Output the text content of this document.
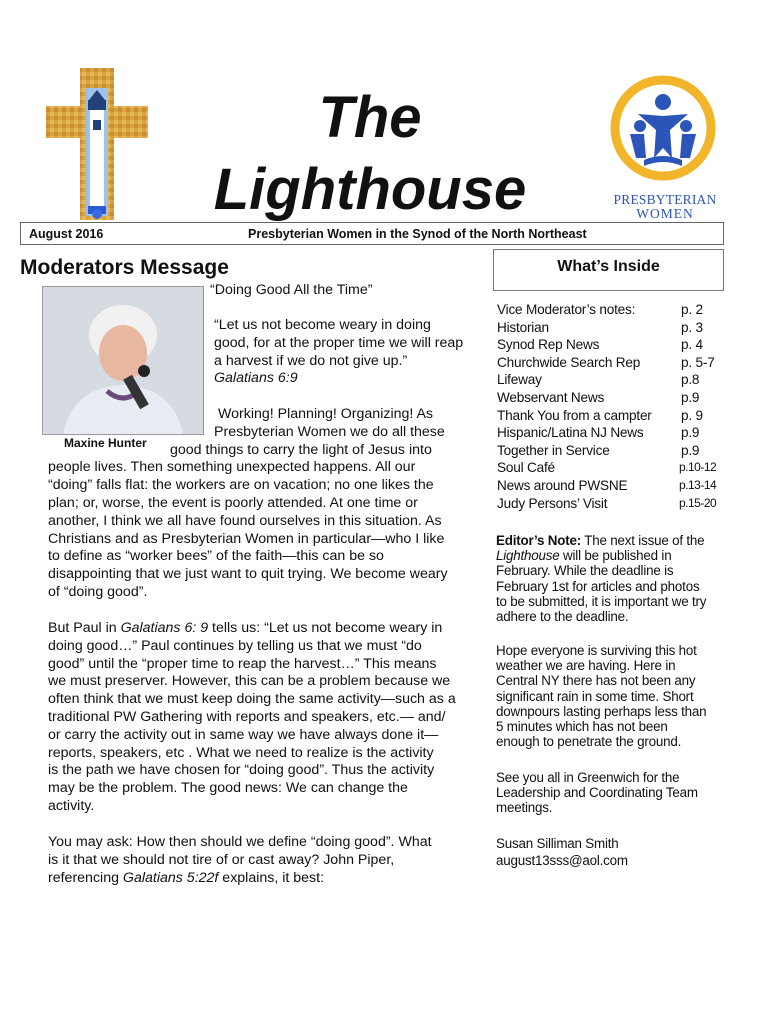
The
Lighthouse	PRESBYTERIAN
WOMEN
August 2016	Presbyterian Women in the Synod of the North Northeast
Moderators Message
Maxine Hunter
“Doing Good All the Time”
“Let us not become weary in doing
good, for at the proper time we will reap
a harvest if we do not give up.”
Galatians 6:9
Working! Planning! Organizing! As
Presbyterian Women we do all these
good things to carry the light of Jesus into
people lives. Then something unexpected happens. All our
“doing” falls flat: the workers are on vacation; no one likes the
plan; or, worse, the event is poorly attended. At one time or
another, I think we all have found ourselves in this situation. As
Christians and as Presbyterian Women in particular—who I like
to define as “worker bees” of the faith—this can be so
disappointing that we just want to quit trying. We become weary
of “doing good”.
But Paul in Galatians 6: 9 tells us: “Let us not become weary in
doing good…” Paul continues by telling us that we must “do
good” until the “proper time to reap the harvest…” This means
we must preserver. However, this can be a problem because we
often think that we must keep doing the same activity—such as a
traditional PW Gathering with reports and speakers, etc.— and/
or carry the activity out in same way we have always done it—
reports, speakers, etc . What we need to realize is the activity
is the path we have chosen for “doing good”. Thus the activity
may be the problem. The good news: We can change the
activity.
You may ask: How then should we define “doing good”. What
is it that we should not tire of or cast away? John Piper,
referencing Galatians 5:22f explains, it best:
What’s Inside
Vice Moderator’s notes:	p. 2
Historian	p. 3
Synod Rep News	p. 4
Churchwide Search Rep	p. 5-7
Lifeway	p.8
Webservant News	p.9
Thank You from a campter p. 9
Hispanic/Latina NJ News	p.9
Together in Service	p.9
Soul Café	p.10-12
News around PWSNE	p.13-14
Judy Persons’ Visit	p.15-20
Editor’s Note: The next issue of the
Lighthouse will be published in
February. While the deadline is
February 1st for articles and photos
to be submitted, it is important we try
adhere to the deadline.
Hope everyone is surviving this hot
weather we are having. Here in
Central NY there has not been any
significant rain in some time. Short
downpours lasting perhaps less than
5 minutes which has not been
enough to penetrate the ground.
See you all in Greenwich for the
Leadership and Coordinating Team
meetings.
Susan Silliman Smith
august13sss@aol.com
